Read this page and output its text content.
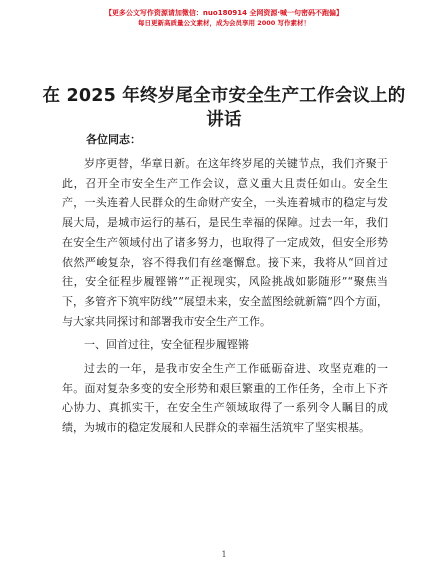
【更多公文写作资源请加微信：nuo180914 全网资源·喊一句密码不跑偏】
每日更新高质量公文素材，成为会员享用 2000 写作素材！
在 2025 年终岁尾全市安全生产工作会议上的讲话
各位同志：

岁序更替，华章日新。在这年终岁尾的关键节点，我们齐聚于此，召开全市安全生产工作会议，意义重大且责任如山。安全生产，一头连着人民群众的生命财产安全，一头连着城市的稳定与发展大局，是城市运行的基石，是民生幸福的保障。过去一年，我们在安全生产领域付出了诸多努力，也取得了一定成效，但安全形势依然严峻复杂，容不得我们有丝毫懈怠。接下来，我将从“回首过往，安全征程步履铿锵”“正视现实，风险挑战如影随形”“聚焦当下，多管齐下筑牢防线”“展望未来，安全蓝图绘就新篇”四个方面，与大家共同探讨和部署我市安全生产工作。

一、回首过往，安全征程步履铿锵

过去的一年，是我市安全生产工作砥砺奋进、攻坚克难的一年。面对复杂多变的安全形势和艰巨繁重的工作任务，全市上下齐心协力、真抓实干，在安全生产领域取得了一系列令人瞩目的成绩，为城市的稳定发展和人民群众的幸福生活筑牢了坚实根基。

1
